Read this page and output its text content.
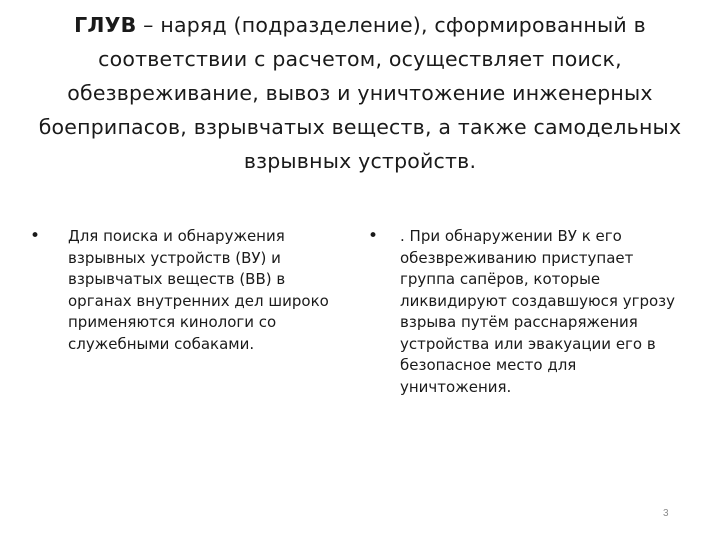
ГЛУВ – наряд (подразделение), сформированный в соответствии с расчетом, осуществляет поиск, обезвреживание, вывоз и уничтожение инженерных боеприпасов, взрывчатых веществ, а также самодельных взрывных устройств.
•	Для поиска и обнаружения взрывных устройств (ВУ) и взрывчатых веществ (ВВ) в органах внутренних дел широко применяются кинологи со служебными собаками.
•	. При обнаружении ВУ к его обезвреживанию приступает группа сапёров, которые ликвидируют создавшуюся угрозу взрыва путём расснаряжения устройства или эвакуации его в безопасное место для уничтожения.
3
